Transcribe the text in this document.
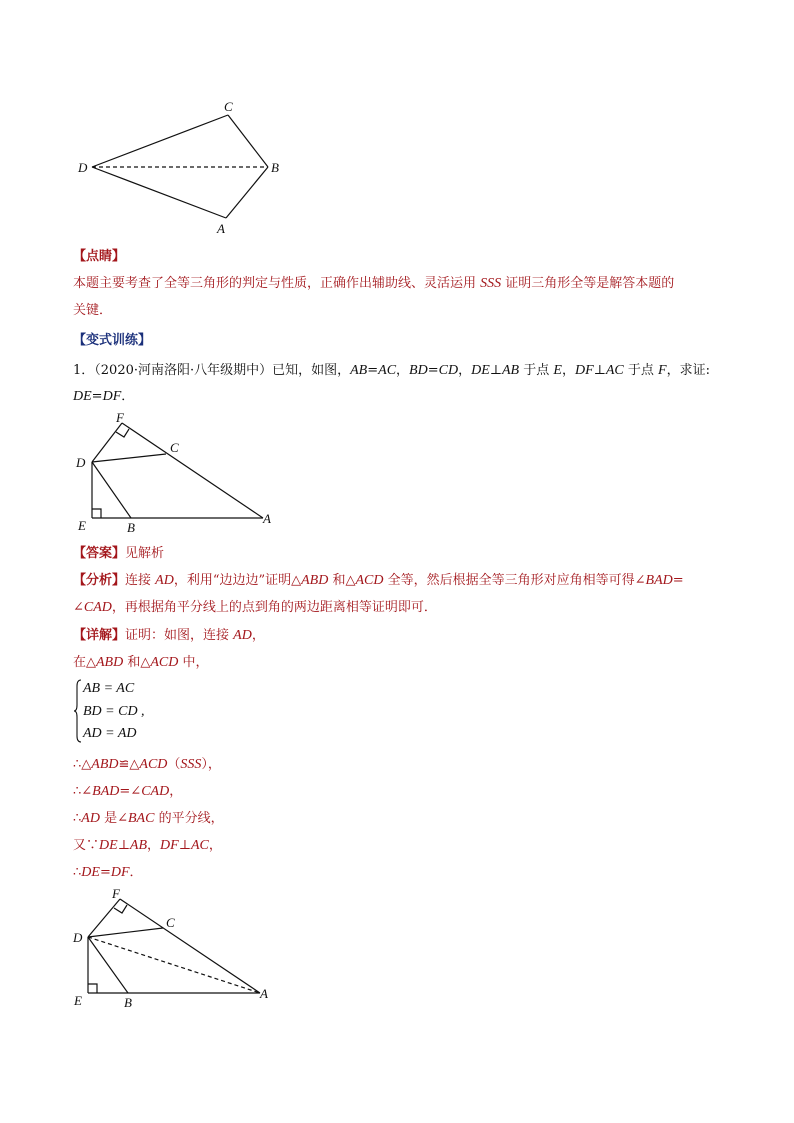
C
D	B
A
【点睛】
本题主要考查了全等三角形的判定与性质，正确作出辅助线、灵活运用 SSS 证明三角形全等是解答本题的
关键．
【变式训练】
1．（2020·河南洛阳·八年级期中）已知，如图，AB=AC，BD=CD，DE⊥AB 于点 E，DF⊥AC 于点 F，求证:
DE=DF．
F
C
D
E	B
A
【答案】见解析
【分析】连接 AD，利用“边边边”证明△ABD 和△ACD 全等，然后根据全等三角形对应角相等可得∠BAD=
∠CAD，再根据角平分线上的点到角的两边距离相等证明即可．
【详解】证明：如图，连接 AD，
在△ABD 和△ACD 中，
AB = AC
BD = CD ,
AD = AD
∴△ABD≌△ACD（SSS），
∴∠BAD=∠CAD，
∴AD 是∠BAC 的平分线，
又∵DE⊥AB，DF⊥AC，
∴DE=DF．
F
C
D
E	B
A
